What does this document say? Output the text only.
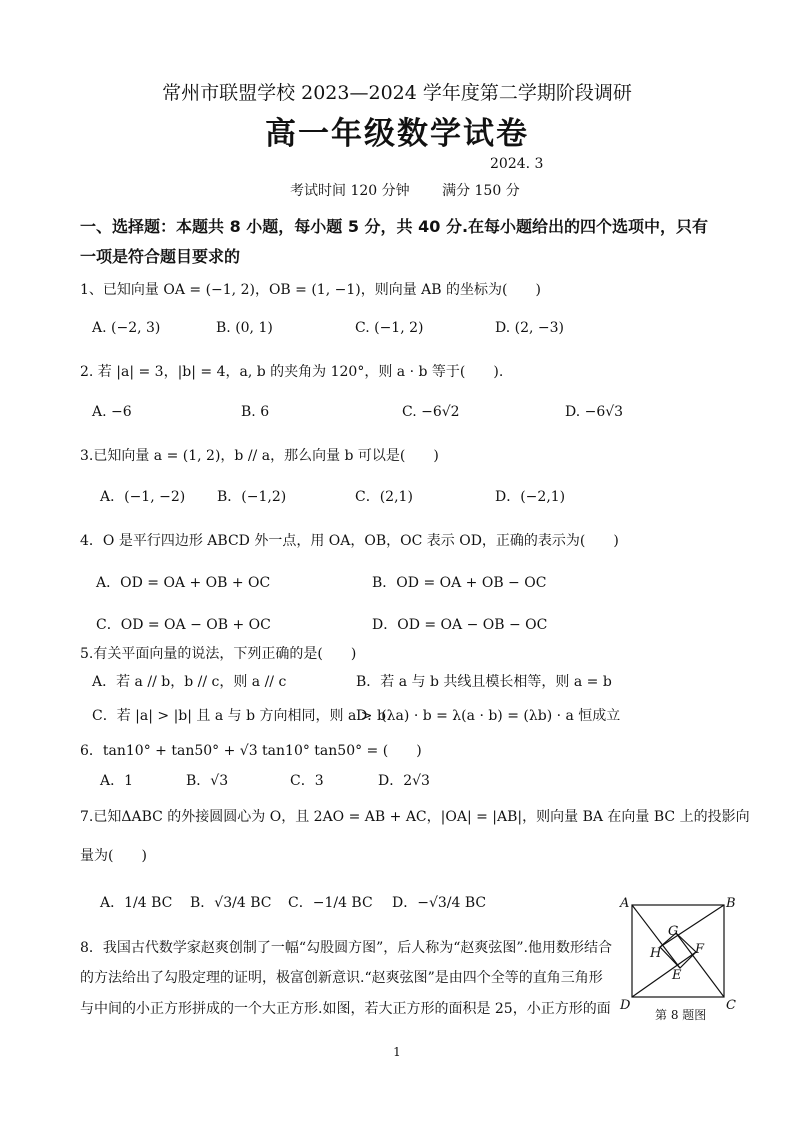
常州市联盟学校 2023—2024 学年度第二学期阶段调研
高一年级数学试卷
2024. 3
考试时间 120 分钟　　 满分 150 分
一、选择题：本题共 8 小题，每小题 5 分，共 40 分.在每小题给出的四个选项中，只有一项是符合题目要求的
1、已知向量 OA = (−1, 2)，OB = (1, −1)，则向量 AB 的坐标为(　　)
A. (−2, 3)	B. (0, 1)	C. (−1, 2)	D. (2, −3)
2. 若 |a| = 3，|b| = 4，a, b 的夹角为 120°，则 a · b 等于(　　).
A. −6	B. 6	C. −6√2	D. −6√3
3.已知向量 a = (1, 2)，b // a，那么向量 b 可以是(　　)
A．(−1, −2) B．(−1,2)	C．(2,1)	D．(−2,1)
4．O 是平行四边形 ABCD 外一点，用 OA，OB，OC 表示 OD，正确的表示为(　　)
A．OD = OA + OB + OC	B．OD = OA + OB − OC
C．OD = OA − OB + OC	D．OD = OA − OB − OC
5.有关平面向量的说法，下列正确的是(　　)
A．若 a // b，b // c，则 a // c	B．若 a 与 b 共线且模长相等，则 a = b
C．若 |a| > |b| 且 a 与 b 方向相同，则 a > b
D．(λa) · b = λ(a · b) = (λb) · a 恒成立
6．tan10° + tan50° + √3 tan10° tan50° = (　　)
A．1	B．√3	C．3	D．2√3
7.已知ΔABC 的外接圆圆心为 O，且 2AO = AB + AC，|OA| = |AB|，则向量 BA 在向量 BC 上的投影向
量为(　　)
A．1/4 BC B．√3/4 BC C．−1/4 BC D．−√3/4 BC
8．我国古代数学家赵爽创制了一幅“勾股圆方图”，后人称为“赵爽弦图”.他用数形结合
的方法给出了勾股定理的证明，极富创新意识.“赵爽弦图”是由四个全等的直角三角形
与中间的小正方形拼成的一个大正方形.如图，若大正方形的面积是 25，小正方形的面
A	B
C
D
E
F
G
H
第 8 题图
1
